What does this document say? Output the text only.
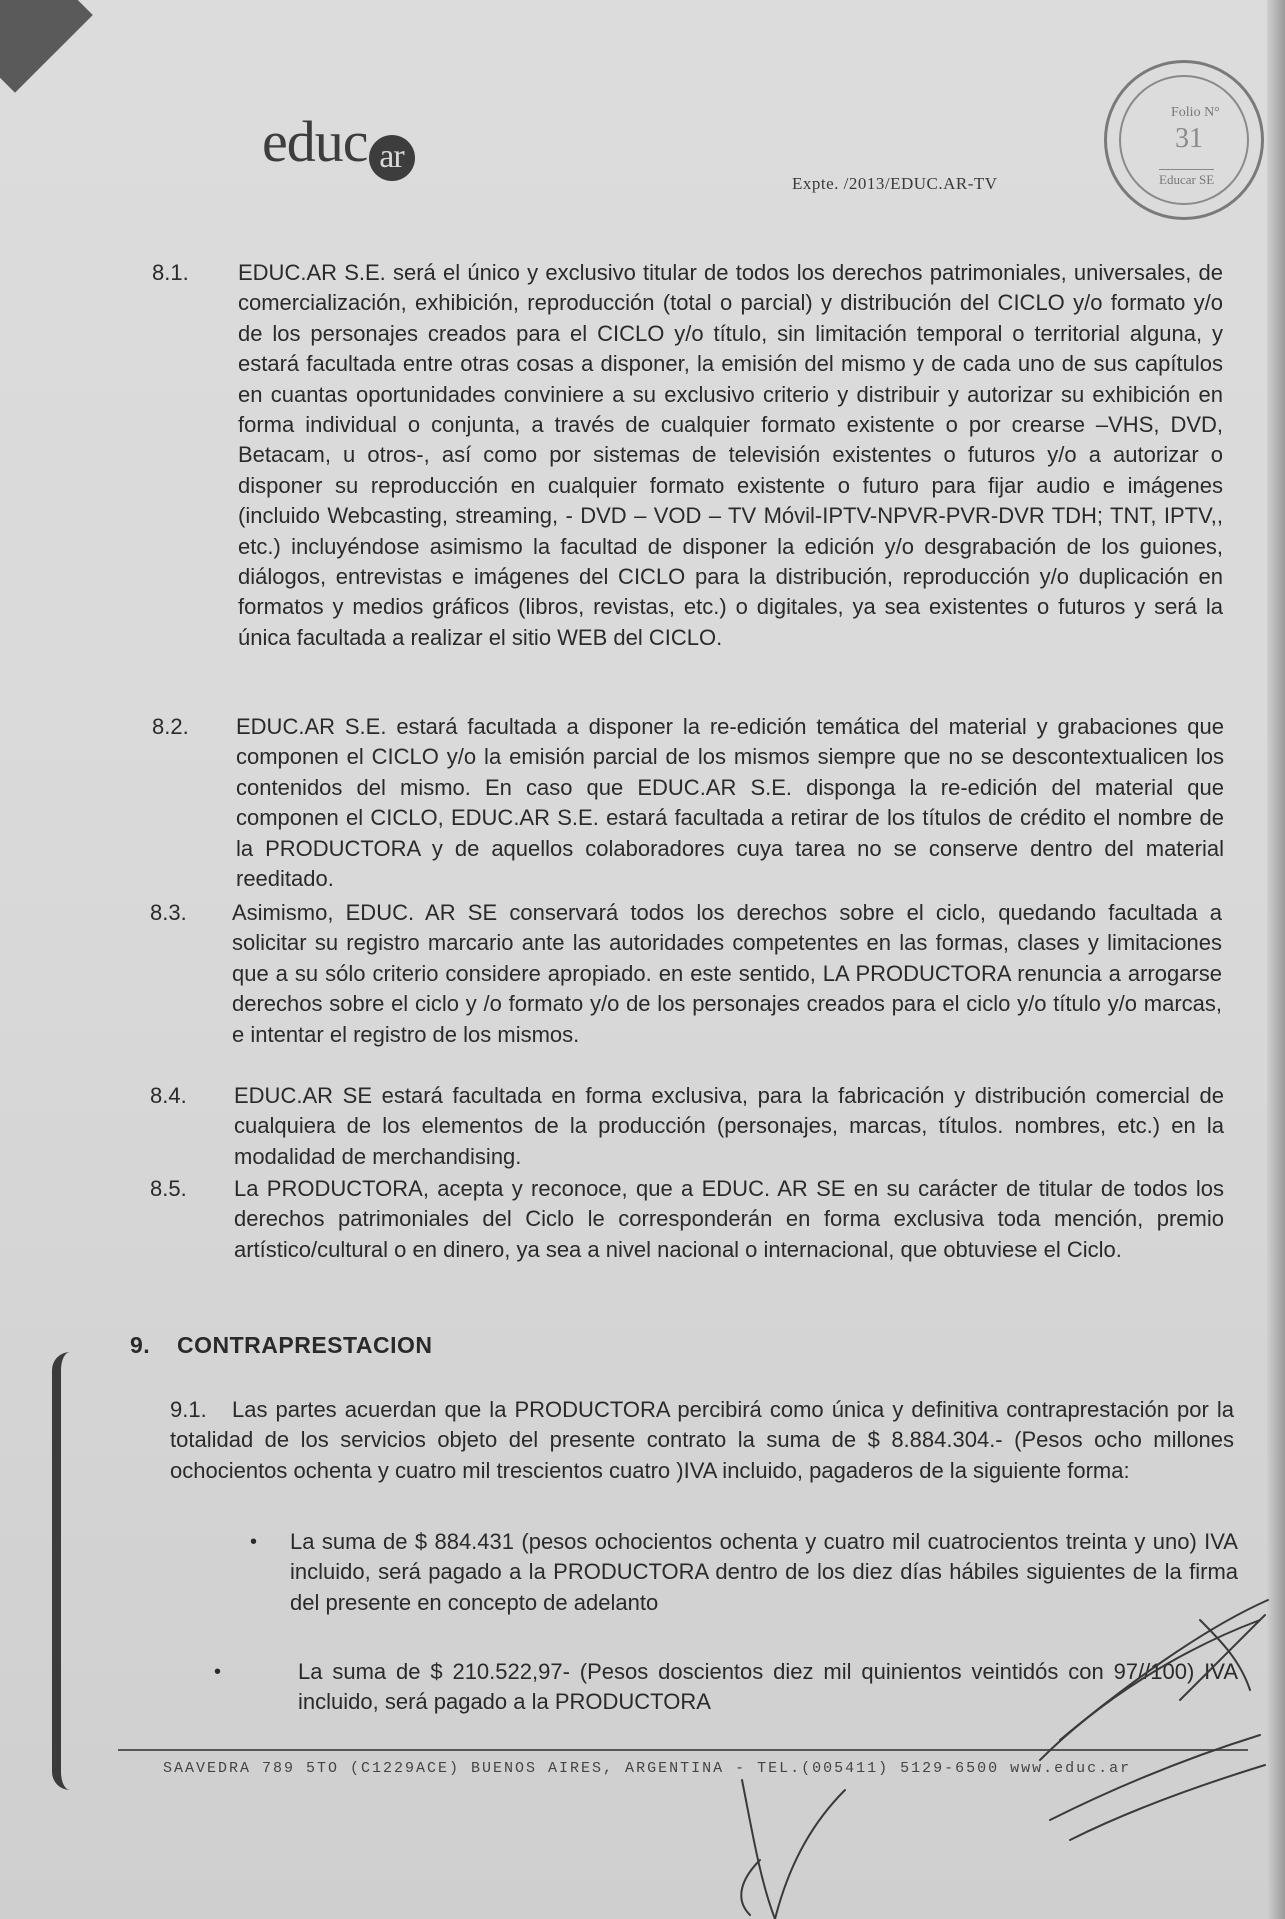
educ ar
Expte. /2013/EDUC.AR-TV
Folio N°
31
Educar SE
8.1. EDUC.AR S.E. será el único y exclusivo titular de todos los derechos patrimoniales, universales, de comercialización, exhibición, reproducción (total o parcial) y distribución del CICLO y/o formato y/o de los personajes creados para el CICLO y/o título, sin limitación temporal o territorial alguna, y estará facultada entre otras cosas a disponer, la emisión del mismo y de cada uno de sus capítulos en cuantas oportunidades conviniere a su exclusivo criterio y distribuir y autorizar su exhibición en forma individual o conjunta, a través de cualquier formato existente o por crearse –VHS, DVD, Betacam, u otros-, así como por sistemas de televisión existentes o futuros y/o a autorizar o disponer su reproducción en cualquier formato existente o futuro para fijar audio e imágenes (incluido Webcasting, streaming, - DVD – VOD – TV Móvil-IPTV-NPVR-PVR-DVR TDH; TNT, IPTV,, etc.) incluyéndose asimismo la facultad de disponer la edición y/o desgrabación de los guiones, diálogos, entrevistas e imágenes del CICLO para la distribución, reproducción y/o duplicación en formatos y medios gráficos (libros, revistas, etc.) o digitales, ya sea existentes o futuros y será la única facultada a realizar el sitio WEB del CICLO.
8.2. EDUC.AR S.E. estará facultada a disponer la re-edición temática del material y grabaciones que componen el CICLO y/o la emisión parcial de los mismos siempre que no se descontextualicen los contenidos del mismo. En caso que EDUC.AR S.E. disponga la re-edición del material que componen el CICLO, EDUC.AR S.E. estará facultada a retirar de los títulos de crédito el nombre de la PRODUCTORA y de aquellos colaboradores cuya tarea no se conserve dentro del material reeditado.
8.3. Asimismo, EDUC. AR SE conservará todos los derechos sobre el ciclo, quedando facultada a solicitar su registro marcario ante las autoridades competentes en las formas, clases y limitaciones que a su sólo criterio considere apropiado. en este sentido, LA PRODUCTORA renuncia a arrogarse derechos sobre el ciclo y /o formato y/o de los personajes creados para el ciclo y/o título y/o marcas, e intentar el registro de los mismos.
8.4. EDUC.AR SE estará facultada en forma exclusiva, para la fabricación y distribución comercial de cualquiera de los elementos de la producción (personajes, marcas, títulos. nombres, etc.) en la modalidad de merchandising.
8.5. La PRODUCTORA, acepta y reconoce, que a EDUC. AR SE en su carácter de titular de todos los derechos patrimoniales del Ciclo le corresponderán en forma exclusiva toda mención, premio artístico/cultural o en dinero, ya sea a nivel nacional o internacional, que obtuviese el Ciclo.
9. CONTRAPRESTACION
9.1.	Las partes acuerdan que la PRODUCTORA percibirá como única y definitiva contraprestación por la totalidad de los servicios objeto del presente contrato la suma de $ 8.884.304.- (Pesos ocho millones ochocientos ochenta y cuatro mil trescientos cuatro )IVA incluido, pagaderos de la siguiente forma:
• La suma de $ 884.431 (pesos ochocientos ochenta y cuatro mil cuatrocientos treinta y uno) IVA incluido, será pagado a la PRODUCTORA dentro de los diez días hábiles siguientes de la firma del presente en concepto de adelanto
•	La suma de $ 210.522,97- (Pesos doscientos diez mil quinientos veintidós con 97//100) IVA incluido, será pagado a la PRODUCTORA
SAAVEDRA 789 5TO (C1229ACE) BUENOS AIRES, ARGENTINA - TEL.(005411) 5129-6500 www.educ.ar
